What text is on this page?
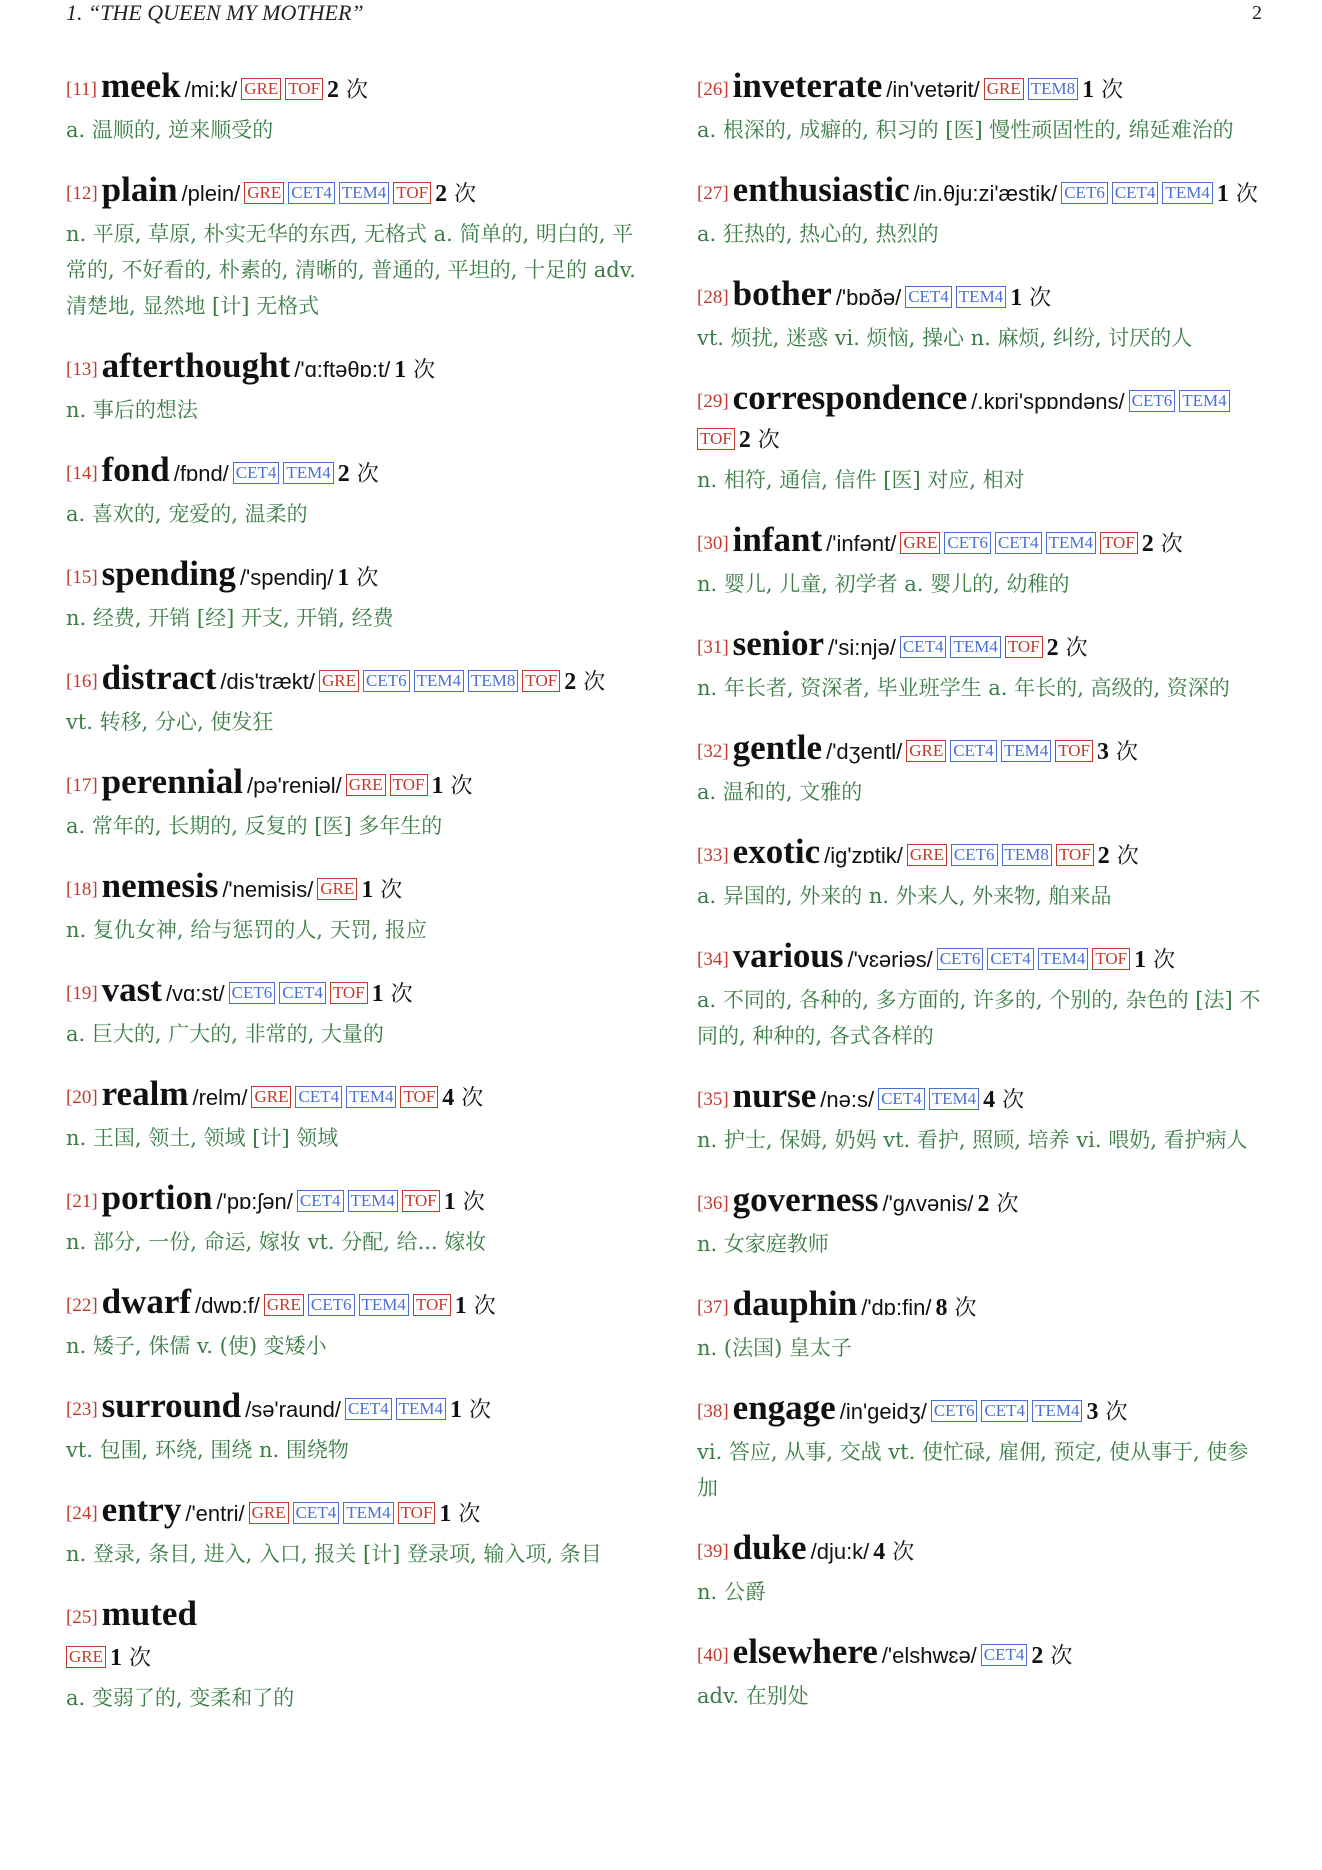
1. “THE QUEEN MY MOTHER”	2
[11] meek /mi:k/ GRE TOF 2 次
a. 温顺的, 逆来顺受的
[12] plain /plein/ GRE CET4 TEM4 TOF 2 次
n. 平原, 草原, 朴实无华的东西, 无格式 a. 简单的, 明白的, 平常的, 不好看的, 朴素的, 清晰的, 普通的, 平坦的, 十足的 adv. 清楚地, 显然地 [计] 无格式
[13] afterthought /'ɑ:ftəθɒ:t/ 1 次
n. 事后的想法
[14] fond /fɒnd/ CET4 TEM4 2 次
a. 喜欢的, 宠爱的, 温柔的
[15] spending /'spendiŋ/ 1 次
n. 经费, 开销 [经] 开支, 开销, 经费
[16] distract /dis'trækt/ GRE CET6 TEM4 TEM8 TOF 2 次
vt. 转移, 分心, 使发狂
[17] perennial /pə'reniəl/ GRE TOF 1 次
a. 常年的, 长期的, 反复的 [医] 多年生的
[18] nemesis /'nemisis/ GRE 1 次
n. 复仇女神, 给与惩罚的人, 天罚, 报应
[19] vast /vɑ:st/ CET6 CET4 TOF 1 次
a. 巨大的, 广大的, 非常的, 大量的
[20] realm /relm/ GRE CET4 TEM4 TOF 4 次
n. 王国, 领土, 领域 [计] 领域
[21] portion /'pɒ:ʃən/ CET4 TEM4 TOF 1 次
n. 部分, 一份, 命运, 嫁妆 vt. 分配, 给... 嫁妆
[22] dwarf /dwɒ:f/ GRE CET6 TEM4 TOF 1 次
n. 矮子, 侏儒 v. (使) 变矮小
[23] surround /sə'raund/ CET4 TEM4 1 次
vt. 包围, 环绕, 围绕 n. 围绕物
[24] entry /'entri/ GRE CET4 TEM4 TOF 1 次
n. 登录, 条目, 进入, 入口, 报关 [计] 登录项, 输入项, 条目
[25] muted
GRE 1 次
a. 变弱了的, 变柔和了的
[26] inveterate /in'vetərit/ GRE TEM8 1 次
a. 根深的, 成癖的, 积习的 [医] 慢性顽固性的, 绵延难治的
[27] enthusiastic /in.θju:zi'æstik/ CET6 CET4 TEM4 1 次
a. 狂热的, 热心的, 热烈的
[28] bother /'bɒðə/ CET4 TEM4 1 次
vt. 烦扰, 迷惑 vi. 烦恼, 操心 n. 麻烦, 纠纷, 讨厌的人
[29] correspondence /.kɒri'spɒndəns/ CET6 TEM4TOF 2 次
n. 相符, 通信, 信件 [医] 对应, 相对
[30] infant /'infənt/ GRE CET6 CET4 TEM4 TOF 2 次
n. 婴儿, 儿童, 初学者 a. 婴儿的, 幼稚的
[31] senior /'si:njə/ CET4 TEM4 TOF 2 次
n. 年长者, 资深者, 毕业班学生 a. 年长的, 高级的, 资深的
[32] gentle /'dʒentl/ GRE CET4 TEM4 TOF 3 次
a. 温和的, 文雅的
[33] exotic /ig'zɒtik/ GRE CET6 TEM8 TOF 2 次
a. 异国的, 外来的 n. 外来人, 外来物, 舶来品
[34] various /'vɛəriəs/ CET6 CET4 TEM4 TOF 1 次
a. 不同的, 各种的, 多方面的, 许多的, 个别的, 杂色的 [法] 不同的, 种种的, 各式各样的
[35] nurse /nə:s/ CET4 TEM4 4 次
n. 护士, 保姆, 奶妈 vt. 看护, 照顾, 培养 vi. 喂奶, 看护病人
[36] governess /'gʌvənis/ 2 次
n. 女家庭教师
[37] dauphin /'dɒ:fin/ 8 次
n. (法国) 皇太子
[38] engage /in'geidʒ/ CET6 CET4 TEM4 3 次
vi. 答应, 从事, 交战 vt. 使忙碌, 雇佣, 预定, 使从事于, 使参加
[39] duke /dju:k/ 4 次
n. 公爵
[40] elsewhere /'elshwɛə/ CET4 2 次
adv. 在别处
